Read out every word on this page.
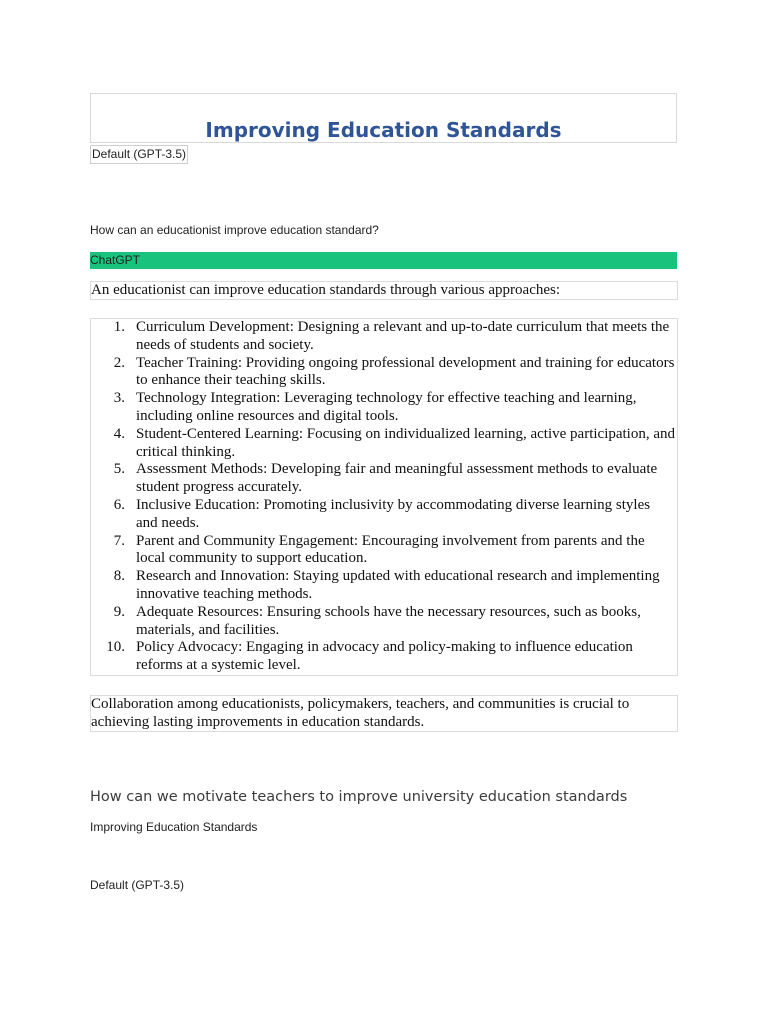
Improving Education Standards
Default (GPT-3.5)
How can an educationist improve education standard?
ChatGPT
An educationist can improve education standards through various approaches:
1. Curriculum Development: Designing a relevant and up-to-date curriculum that meets the needs of students and society.
2. Teacher Training: Providing ongoing professional development and training for educators to enhance their teaching skills.
3. Technology Integration: Leveraging technology for effective teaching and learning, including online resources and digital tools.
4. Student-Centered Learning: Focusing on individualized learning, active participation, and critical thinking.
5. Assessment Methods: Developing fair and meaningful assessment methods to evaluate student progress accurately.
6. Inclusive Education: Promoting inclusivity by accommodating diverse learning styles and needs.
7. Parent and Community Engagement: Encouraging involvement from parents and the local community to support education.
8. Research and Innovation: Staying updated with educational research and implementing innovative teaching methods.
9. Adequate Resources: Ensuring schools have the necessary resources, such as books, materials, and facilities.
10. Policy Advocacy: Engaging in advocacy and policy-making to influence education reforms at a systemic level.
Collaboration among educationists, policymakers, teachers, and communities is crucial to achieving lasting improvements in education standards.
How can we motivate teachers to improve university education standards
Improving Education Standards
Default (GPT-3.5)
